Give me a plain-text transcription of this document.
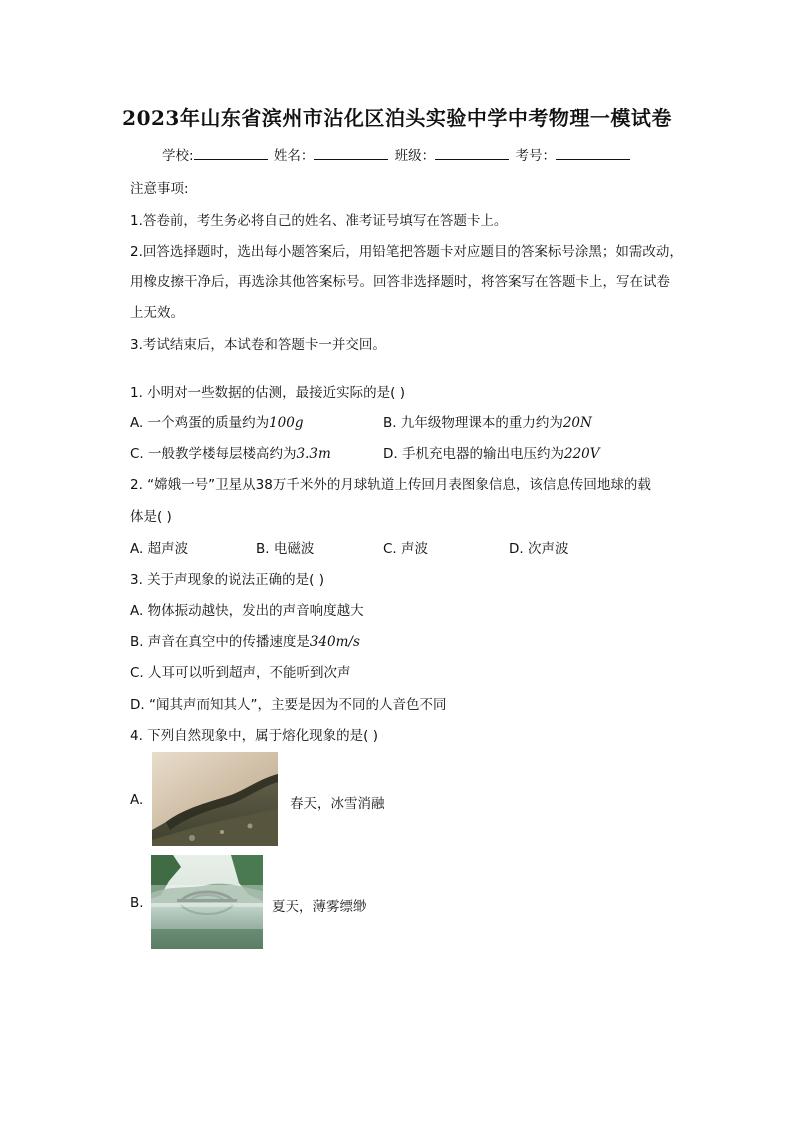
2023年山东省滨州市沾化区泊头实验中学中考物理一模试卷
学校:	姓名：	班级：	考号：
注意事项:
1.答卷前，考生务必将自己的姓名、准考证号填写在答题卡上。
2.回答选择题时，选出每小题答案后，用铅笔把答题卡对应题目的答案标号涂黑；如需改动，
用橡皮擦干净后，再选涂其他答案标号。回答非选择题时，将答案写在答题卡上，写在试卷
上无效。
3.考试结束后，本试卷和答题卡一并交回。
1. 小明对一些数据的估测，最接近实际的是( )
A. 一个鸡蛋的质量约为100g	B. 九年级物理课本的重力约为20N
C. 一般教学楼每层楼高约为3.3m	D. 手机充电器的输出电压约为220V
2. “嫦娥一号”卫星从38万千米外的月球轨道上传回月表图象信息，该信息传回地球的载
体是( )
A. 超声波	B. 电磁波	C. 声波	D. 次声波
3. 关于声现象的说法正确的是( )
A. 物体振动越快，发出的声音响度越大
B. 声音在真空中的传播速度是340m/s
C. 人耳可以听到超声，不能听到次声
D. “闻其声而知其人”，主要是因为不同的人音色不同
4. 下列自然现象中，属于熔化现象的是( )
A.	春天，冰雪消融
B.	夏天，薄雾缥缈
